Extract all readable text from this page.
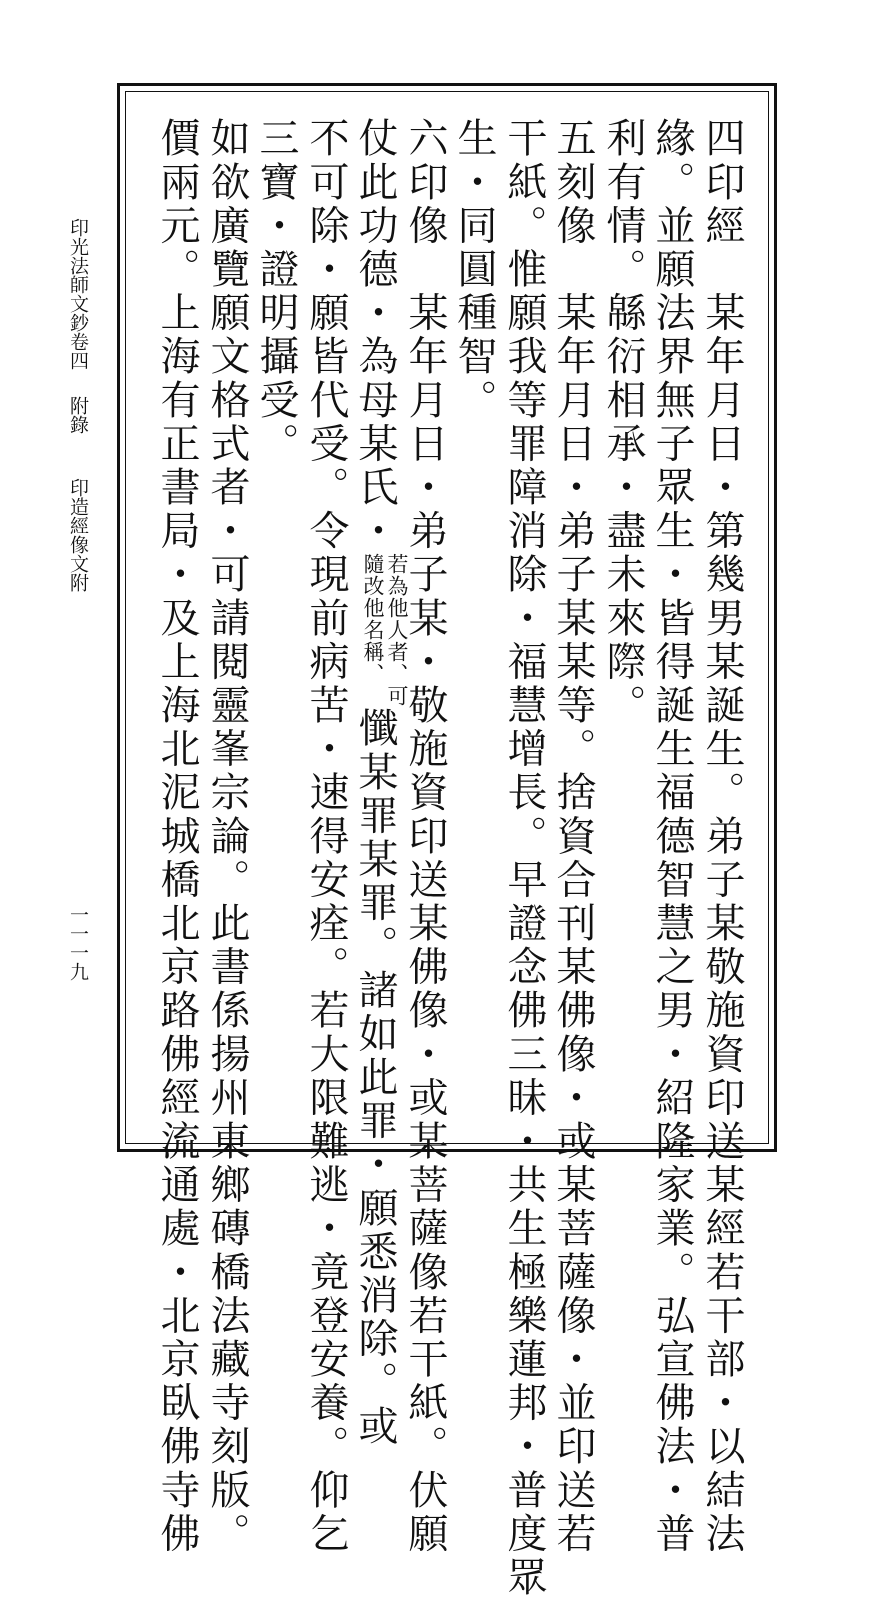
印光法師文鈔卷四
附錄
印造經像文附
一一一九	四印經　某年月日・第幾男某誕生。弟子某敬施資印送某經若干部・以結法
緣。並願法界無子眾生・皆得誕生福德智慧之男・紹隆家業。弘宣佛法・普
利有情。緜衍相承・盡未來際。
五刻像　某年月日・弟子某某等。捨資合刊某佛像・或某菩薩像・並印送若
干紙。惟願我等罪障消除・福慧增長。早證念佛三昧・共生極樂蓮邦・普度眾
生・同圓種智。
六印像　某年月日・弟子某・敬施資印送某佛像・或某菩薩像若干紙。伏願
仗此功德・為母某氏・
若為他人者、可
隨改他名稱、
懺某罪某罪。諸如此罪・願悉消除。或
不可除・願皆代受。令現前病苦・速得安痊。若大限難逃・竟登安養。仰乞
三寶・證明攝受。
如欲廣覽願文格式者・可請閱靈峯宗論。此書係揚州東鄉磚橋法藏寺刻版。
價兩元。上海有正書局・及上海北泥城橋北京路佛經流通處・北京臥佛寺佛
